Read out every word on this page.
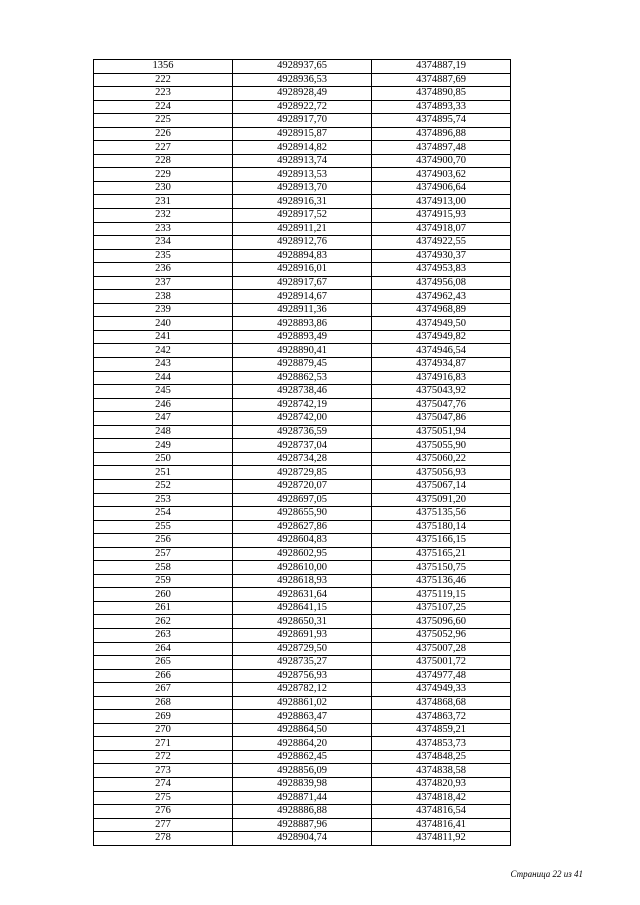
1356	4928937,65	4374887,19
222	4928936,53	4374887,69
223	4928928,49	4374890,85
224	4928922,72	4374893,33
225	4928917,70	4374895,74
226	4928915,87	4374896,88
227	4928914,82	4374897,48
228	4928913,74	4374900,70
229	4928913,53	4374903,62
230	4928913,70	4374906,64
231	4928916,31	4374913,00
232	4928917,52	4374915,93
233	4928911,21	4374918,07
234	4928912,76	4374922,55
235	4928894,83	4374930,37
236	4928916,01	4374953,83
237	4928917,67	4374956,08
238	4928914,67	4374962,43
239	4928911,36	4374968,89
240	4928893,86	4374949,50
241	4928893,49	4374949,82
242	4928890,41	4374946,54
243	4928879,45	4374934,87
244	4928862,53	4374916,83
245	4928738,46	4375043,92
246	4928742,19	4375047,76
247	4928742,00	4375047,86
248	4928736,59	4375051,94
249	4928737,04	4375055,90
250	4928734,28	4375060,22
251	4928729,85	4375056,93
252	4928720,07	4375067,14
253	4928697,05	4375091,20
254	4928655,90	4375135,56
255	4928627,86	4375180,14
256	4928604,83	4375166,15
257	4928602,95	4375165,21
258	4928610,00	4375150,75
259	4928618,93	4375136,46
260	4928631,64	4375119,15
261	4928641,15	4375107,25
262	4928650,31	4375096,60
263	4928691,93	4375052,96
264	4928729,50	4375007,28
265	4928735,27	4375001,72
266	4928756,93	4374977,48
267	4928782,12	4374949,33
268	4928861,02	4374868,68
269	4928863,47	4374863,72
270	4928864,50	4374859,21
271	4928864,20	4374853,73
272	4928862,45	4374848,25
273	4928856,09	4374838,58
274	4928839,98	4374820,93
275	4928871,44	4374818,42
276	4928886,88	4374816,54
277	4928887,96	4374816,41
278	4928904,74	4374811,92
Страница 22 из 41
